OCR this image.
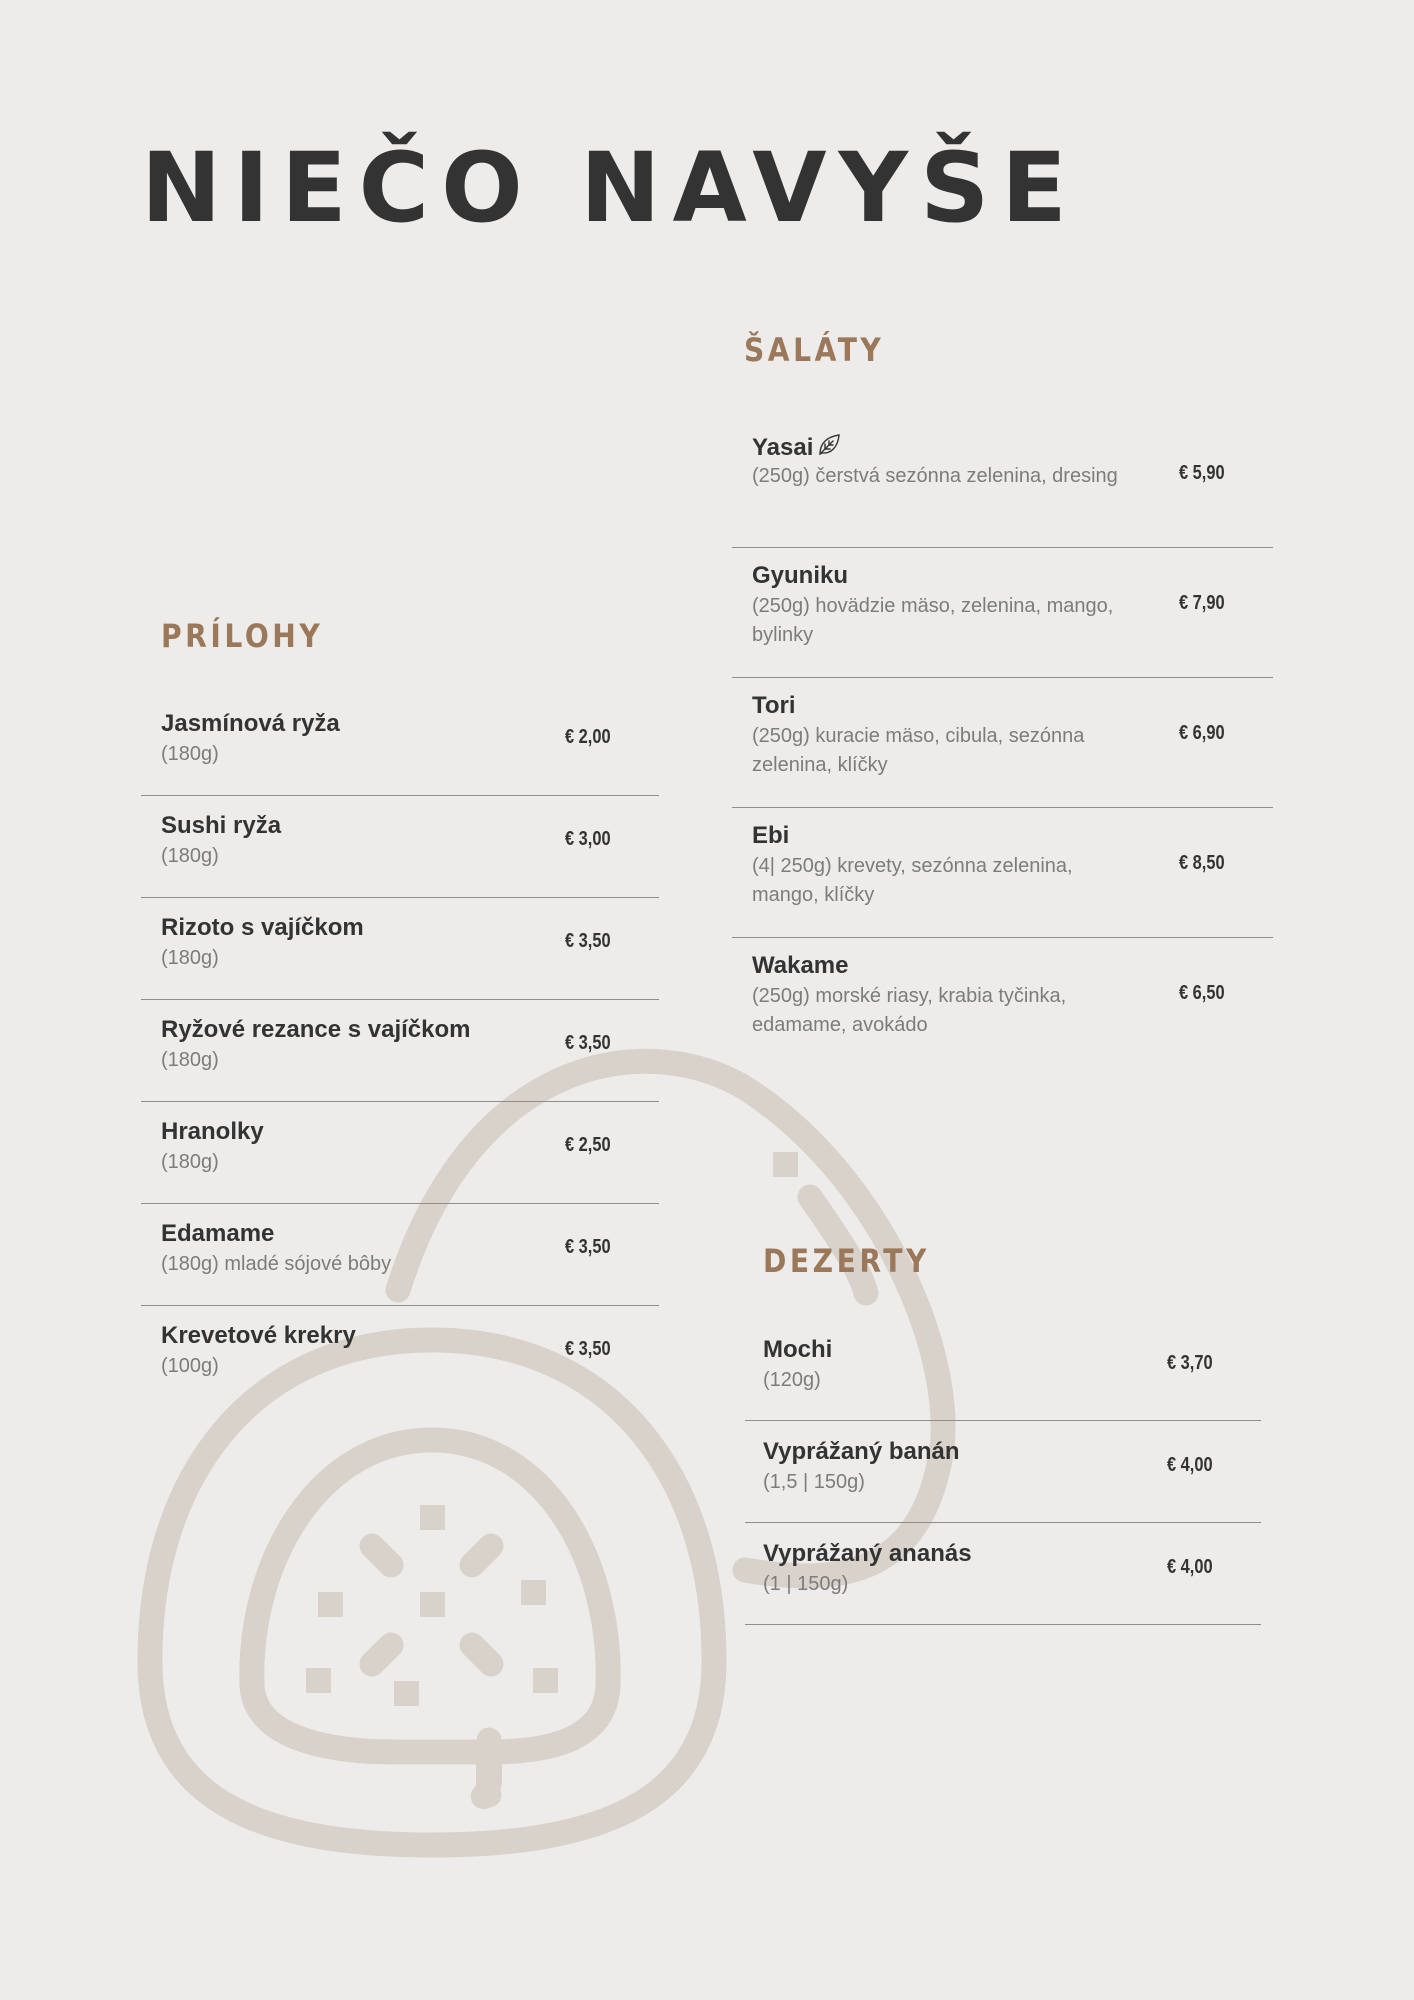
NIEČO NAVYŠE
PRÍLOHY
Jasmínová ryža
(180g)
€ 2,00
Sushi ryža
(180g)
€ 3,00
Rizoto s vajíčkom
(180g)
€ 3,50
Ryžové rezance s vajíčkom
(180g)
€ 3,50
Hranolky
(180g)
€ 2,50
Edamame
(180g) mladé sójové bôby
€ 3,50
Krevetové krekry
(100g)
€ 3,50
ŠALÁTY
Yasai
(250g) čerstvá sezónna zelenina, dresing	€ 5,90
Gyuniku
(250g) hovädzie mäso, zelenina, mango, bylinky
€ 7,90
Tori
(250g) kuracie mäso, cibula, sezónna zelenina, klíčky
€ 6,90
Ebi
(4| 250g) krevety, sezónna zelenina, mango, klíčky
€ 8,50
Wakame
(250g) morské riasy, krabia tyčinka, edamame, avokádo
€ 6,50
DEZERTY
Mochi
(120g)
€ 3,70
Vyprážaný banán
(1,5 | 150g)
€ 4,00
Vyprážaný ananás
(1 | 150g)
€ 4,00
